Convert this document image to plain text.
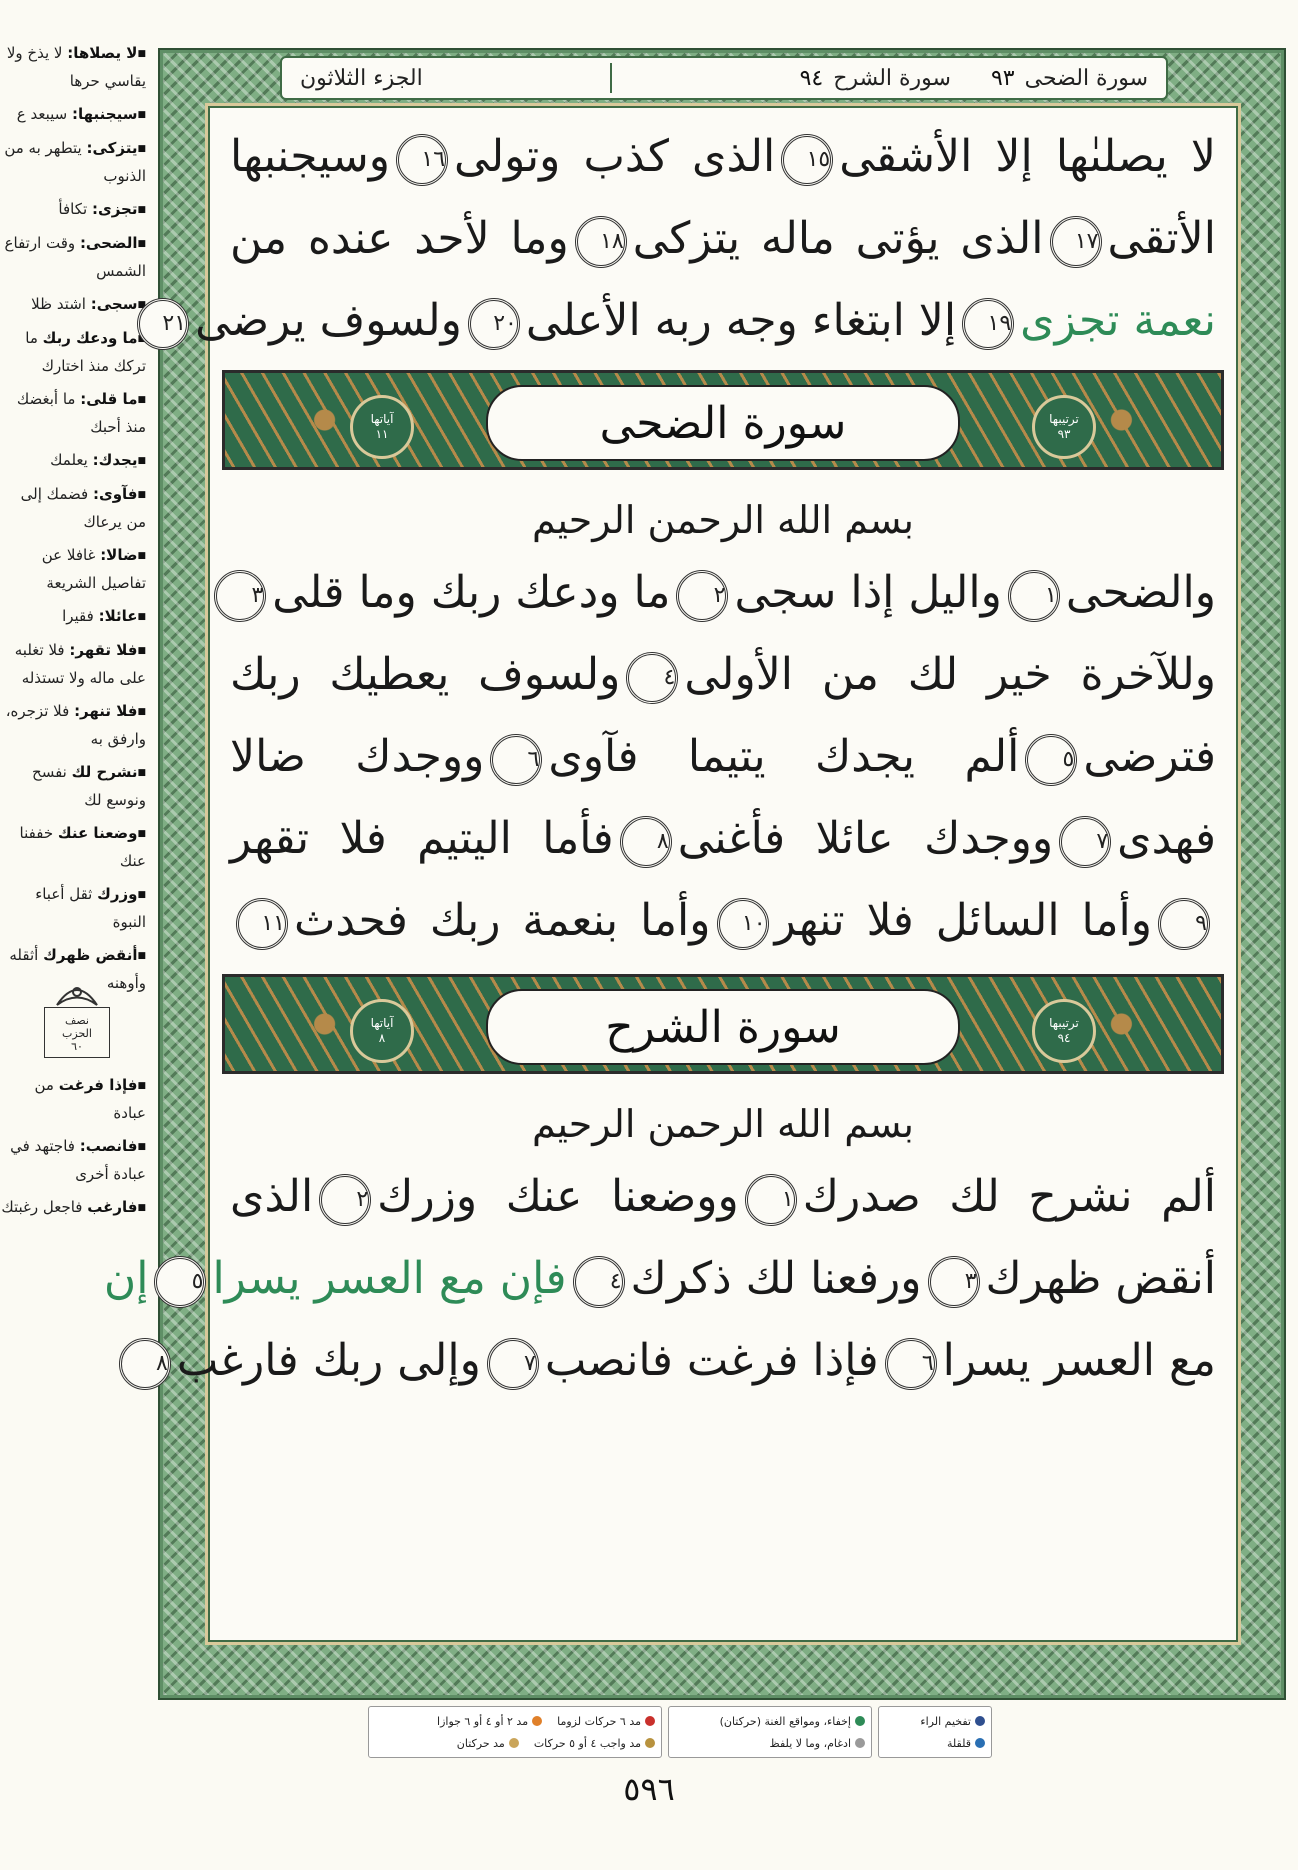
■ لا يصلاها: لا يذخ ولا يقاسي حرها
■ سيجنبها: سيبعد ع
■ يتزكى: يتطهر به من الذنوب
■ تجزى: تكافأ
■ الضحى: وقت ارتفاع الشمس
■ سجى: اشتد ظلا
■ ما ودعك ربك ما تركك منذ اختارك
■ ما قلى: ما أبغضك منذ أحبك
■ يجدك: يعلمك
■ فآوى: فضمك إلى من يرعاك
■ ضالا: غافلا عن تفاصيل الشريعة
■ عائلا: فقيرا
■ فلا تقهر: فلا تغلبه على ماله ولا تستذله
■ فلا تنهر: فلا تزجره، وارفق به
■ نشرح لك نفسح ونوسع لك
■ وضعنا عنك خففنا عنك
■ وزرك ثقل أعباء النبوة
■ أنقض ظهرك أثقله وأوهنه
نصف
الحزب
٦٠
■ فإذا فرغت من عبادة
■ فانصب: فاجتهد في عبادة أخرى
■ فارغب فاجعل رغبتك
الجزء الثلاثون	سورة الضحى٩٣
سورة الشرح٩٤
لا يصلىٰها إلا الأشقى١٥الذى كذب وتولى١٦وسيجنبها
الأتقى١٧الذى يؤتى ماله يتزكى١٨وما لأحد عنده من
نعمة تجزى١٩إلا ابتغاء وجه ربه الأعلى٢٠ولسوف يرضى٢١
آياتها
١١	سورة الضحى	ترتيبها
٩٣
بسم الله الرحمن الرحيم
والضحى١واليل إذا سجى٢ما ودعك ربك وما قلى٣
وللآخرة خير لك من الأولى٤ولسوف يعطيك ربك
فترضى٥ألم يجدك يتيما فآوى٦ووجدك ضالا
فهدى٧ووجدك عائلا فأغنى٨فأما اليتيم فلا تقهر
٩وأما السائل فلا تنهر١٠وأما بنعمة ربك فحدث١١
آياتها
٨	سورة الشرح	ترتيبها
٩٤
بسم الله الرحمن الرحيم
ألم نشرح لك صدرك١ووضعنا عنك وزرك٢الذى
أنقض ظهرك٣ورفعنا لك ذكرك٤فإن مع العسر يسرا٥إن
مع العسر يسرا٦فإذا فرغت فانصب٧وإلى ربك فارغب٨
مد ٦ حركات لزوما

مد ٢ أو ٤ أو ٦ جوازا
مد واجب ٤ أو ٥ حركات

مد حركتان
إخفاء، ومواقع الغنة (حركتان)
ادغام، وما لا يلفظ
تفخيم الراء
قلقلة
٥٩٦
